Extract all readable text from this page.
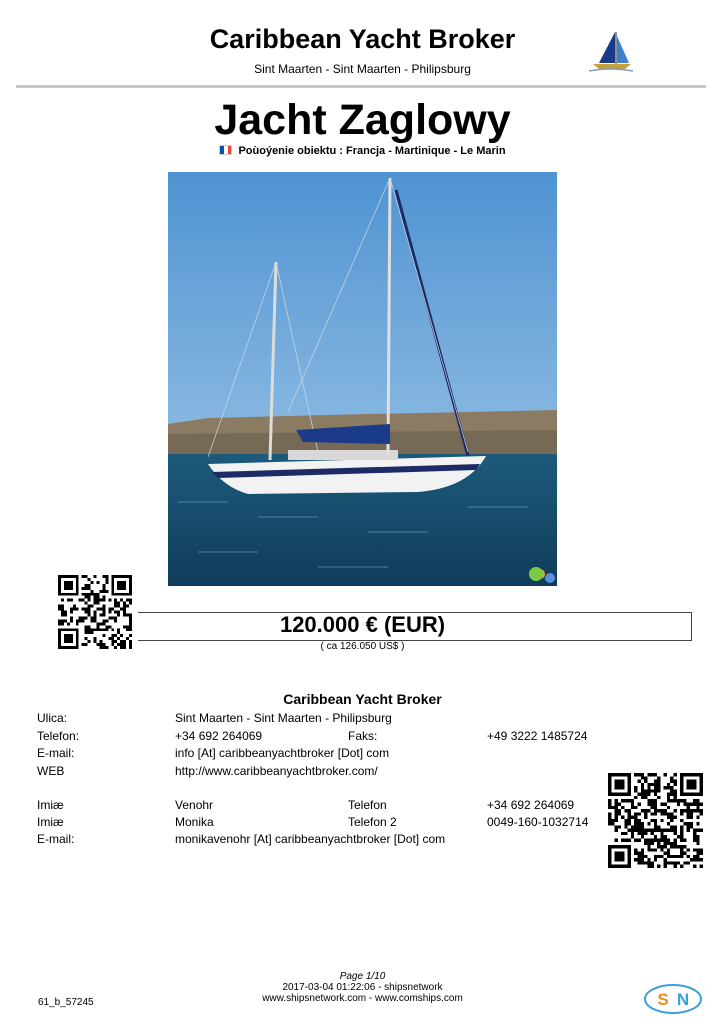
Caribbean Yacht Broker
Sint Maarten - Sint Maarten - Philipsburg
Jacht Zaglowy
Poùoýenie obiektu : Francja - Martinique - Le Marin
120.000 € (EUR)
( ca 126.050 US$ )
Caribbean Yacht Broker
Ulica:	Sint Maarten - Sint Maarten - Philipsburg
Telefon:	+34 692 264069	Faks:	+49 3222 1485724
E-mail:	info [At] caribbeanyachtbroker [Dot] com
WEB	http://www.caribbeanyachtbroker.com/
Imiæ	Venohr	Telefon	+34 692 264069
Imiæ	Monika	Telefon 2	0049-160-1032714
E-mail:	monikavenohr [At] caribbeanyachtbroker [Dot] com
Page 1/10
2017-03-04 01:22:06 - shipsnetwork
www.shipsnetwork.com - www.comships.com
61_b_57245	S N
